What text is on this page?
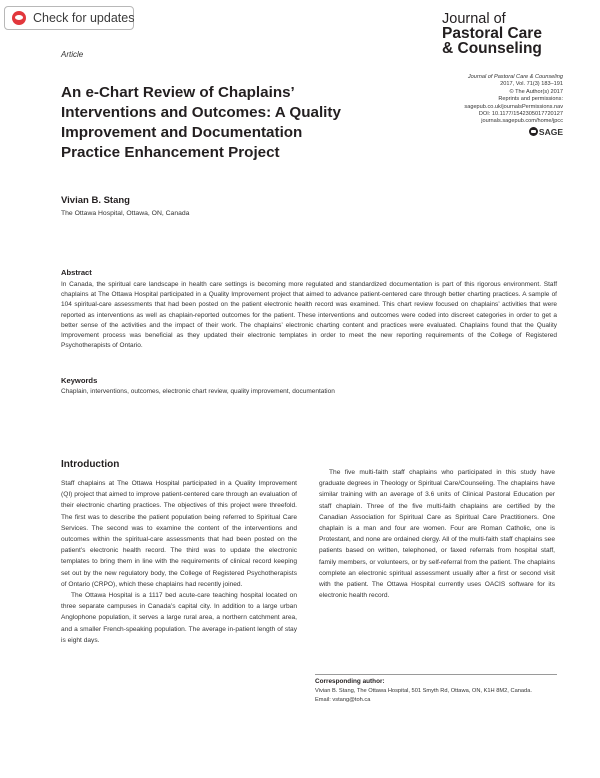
Check for updates	Journal of
Pastoral Care
& Counseling
Article
Journal of Pastoral Care & Counseling
2017, Vol. 71(3) 183–191
© The Author(s) 2017
Reprints and permissions:
sagepub.co.uk/journalsPermissions.nav
DOI: 10.1177/1542305017720127
journals.sagepub.com/home/jpcc
SAGE
An e-Chart Review of Chaplains’
Interventions and Outcomes: A Quality
Improvement and Documentation
Practice Enhancement Project
Vivian B. Stang
The Ottawa Hospital, Ottawa, ON, Canada
Abstract
In Canada, the spiritual care landscape in health care settings is becoming more regulated and standardized documentation is part of this rigorous environment. Staff chaplains at The Ottawa Hospital participated in a Quality Improvement project that aimed to advance patient-centered care through better charting practices. A sample of 104 spiritual-care assessments that had been posted on the patient electronic health record was examined. This chart review focused on chaplains’ activities that were reported as interventions as well as chaplain-reported outcomes for the patient. These interventions and outcomes were coded into discreet categories in order to get a better sense of the activities and the impact of their work. The chaplains’ electronic charting content and practices were evaluated. Chaplains found that the Quality Improvement process was beneficial as they updated their electronic templates in order to meet the new reporting requirements of the College of Registered Psychotherapists of Ontario.
Keywords
Chaplain, interventions, outcomes, electronic chart review, quality improvement, documentation
Introduction

Staff chaplains at The Ottawa Hospital participated in a Quality Improvement (QI) project that aimed to improve patient-centered care through an evaluation of their electronic charting practices. The objectives of this project were threefold. The first was to describe the patient population being referred to Spiritual Care Services. The second was to examine the content of the interventions and outcomes within the spiritual-care assessments that had been posted on the patient’s electronic health record. The third was to update the electronic templates to bring them in line with the requirements of clinical record keeping set out by the new regulatory body, the College of Registered Psychotherapists of Ontario (CRPO), which these chaplains had recently joined.

The Ottawa Hospital is a 1117 bed acute-care teaching hospital located on three separate campuses in Canada’s capital city. In addition to a large urban Anglophone population, it serves a large rural area, a northern catchment area, and a smaller French-speaking population. The average in-patient length of stay is eight days.

The five multi-faith staff chaplains who participated in this study have graduate degrees in Theology or Spiritual Care/Counseling. The chaplains have similar training with an average of 3.6 units of Clinical Pastoral Education per staff chaplain. Three of the five multi-faith chaplains are certified by the Canadian Association for Spiritual Care as Spiritual Care Practitioners. One chaplain is a man and four are women. Four are Roman Catholic, one is Protestant, and none are ordained clergy. All of the multi-faith staff chaplains see patients based on written, telephoned, or faxed referrals from hospital staff, family members, or volunteers, or by self-referral from the patient. The chaplains complete an electronic spiritual assessment usually after a first or second visit with the patient. The Ottawa Hospital currently uses OACIS software for its electronic health record.

Corresponding author:
Vivian B. Stang, The Ottawa Hospital, 501 Smyth Rd, Ottawa, ON, K1H 8M2, Canada.
Email: vstang@toh.ca
